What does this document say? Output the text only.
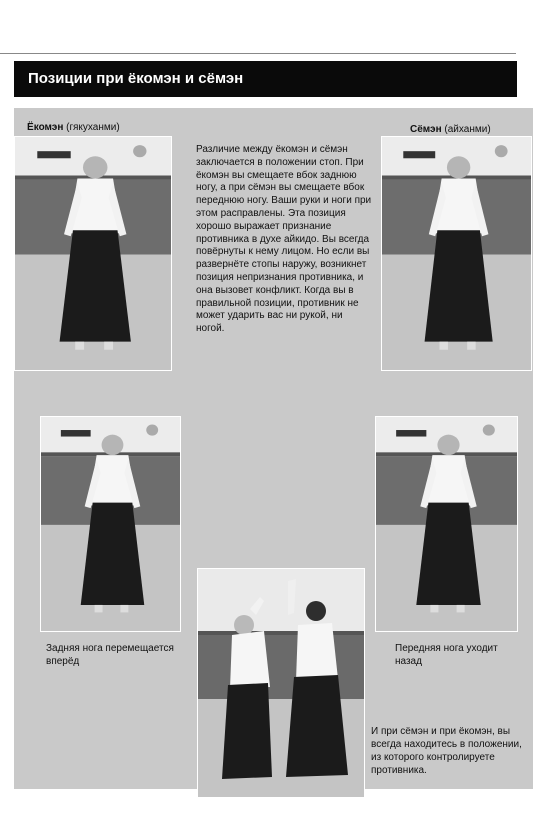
Позиции при ёкомэн и сёмэн
Ёкомэн (гякуханми)	Сёмэн (айханми)
Различие между ёкомэн и сёмэн заключается в положении стоп. При ёкомэн вы смещаете вбок заднюю ногу, а при сёмэн вы смещаете вбок переднюю ногу. Ваши руки и ноги при этом расправлены. Эта позиция хорошо выражает признание противника в духе айкидо. Вы всегда повёрнуты к нему лицом. Но если вы развернёте стопы наружу, возникнет позиция непризнания противника, и она вызовет конфликт. Когда вы в правильной позиции, противник не может ударить вас ни рукой, ни ногой.
Задняя нога перемещается вперёд
Передняя нога уходит назад
И при сёмэн и при ёкомэн, вы всегда находитесь в положении, из которого контролируете противника.
